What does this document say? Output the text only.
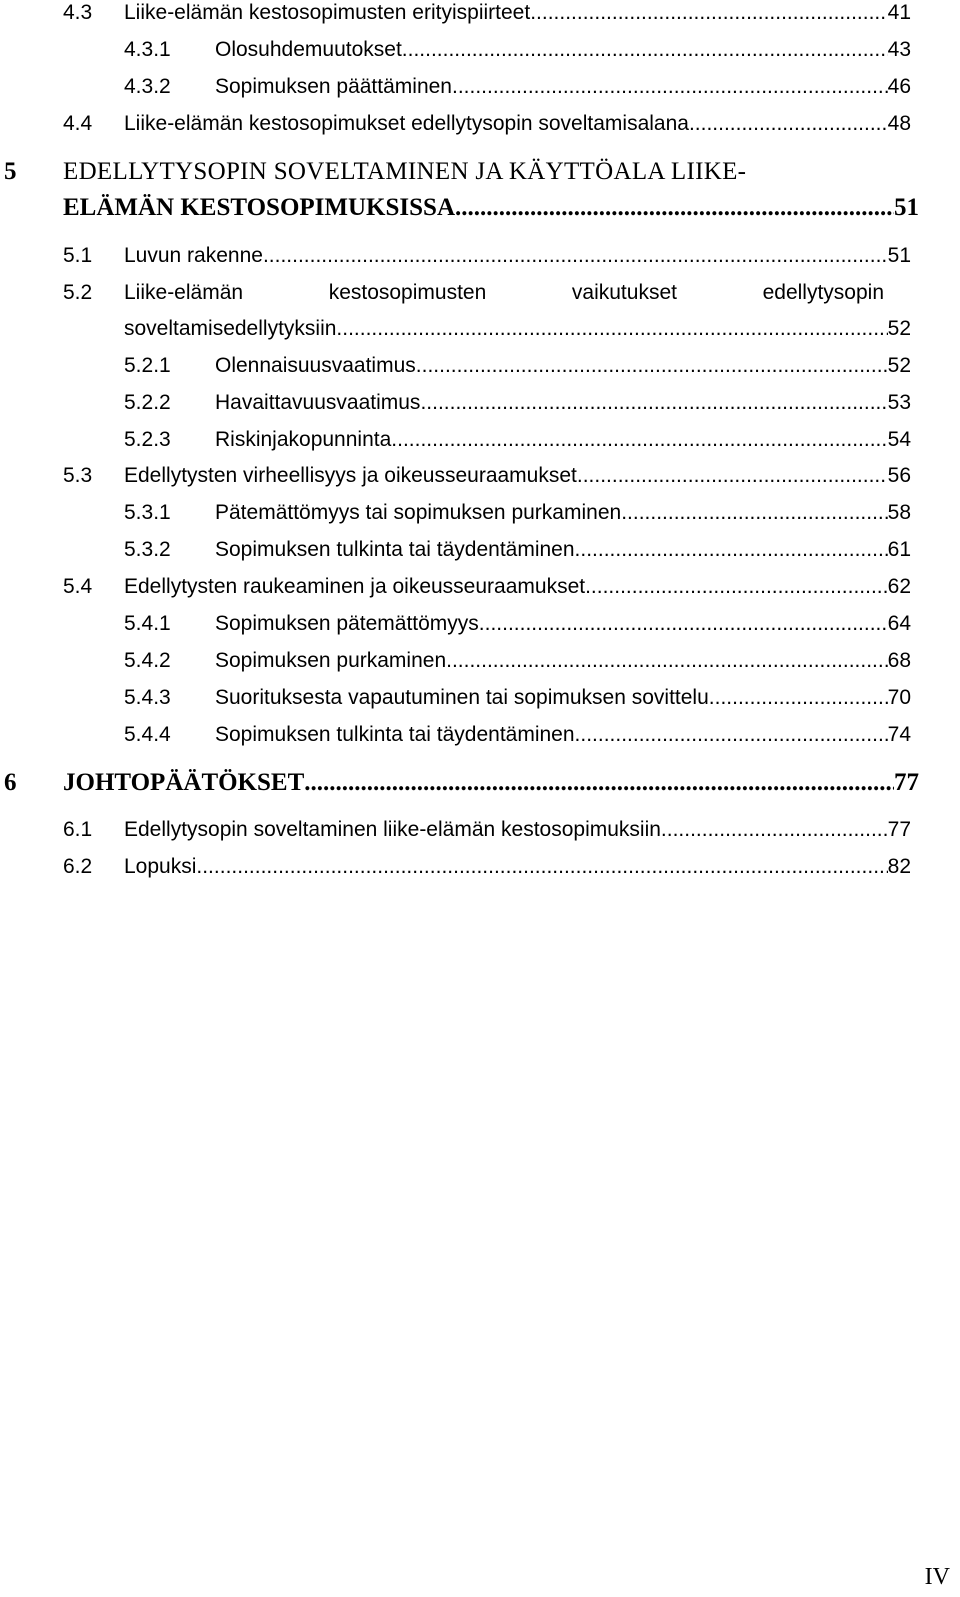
4.3 Liike-elämän kestosopimusten erityispiirteet .....	41
4.3.1 Olosuhdemuutokset .....	43
4.3.2 Sopimuksen päättäminen .....	46
4.4 Liike-elämän kestosopimukset edellytysopin soveltamisalana .....	48
5 EDELLYTYSOPIN SOVELTAMINEN JA KÄYTTÖALA LIIKE-
ELÄMÄN KESTOSOPIMUKSISSA .....	51
5.1 Luvun rakenne .....	51
5.2 Liike-elämän	kestosopimusten	vaikutukset	edellytysopin
soveltamisedellytyksiin .....	52
5.2.1 Olennaisuusvaatimus .....	52
5.2.2 Havaittavuusvaatimus .....	53
5.2.3 Riskinjakopunninta .....	54
5.3 Edellytysten virheellisyys ja oikeusseuraamukset .....	56
5.3.1 Pätemättömyys tai sopimuksen purkaminen .....	58
5.3.2 Sopimuksen tulkinta tai täydentäminen .....	61
5.4 Edellytysten raukeaminen ja oikeusseuraamukset .....	62
5.4.1 Sopimuksen pätemättömyys .....	64
5.4.2 Sopimuksen purkaminen .....	68
5.4.3 Suorituksesta vapautuminen tai sopimuksen sovittelu .....	70
5.4.4 Sopimuksen tulkinta tai täydentäminen .....	74
6 JOHTOPÄÄTÖKSET .....	77
6.1 Edellytysopin soveltaminen liike-elämän kestosopimuksiin .....	77
6.2 Lopuksi .....	82
IV
